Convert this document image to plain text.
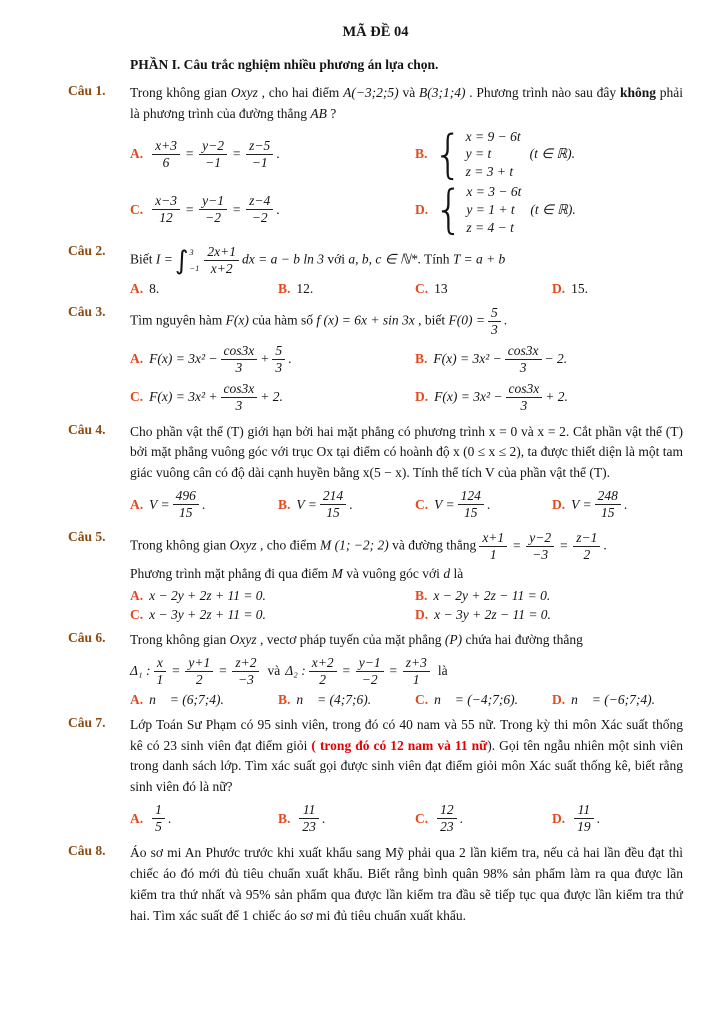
MÃ ĐỀ 04
PHẦN I. Câu trắc nghiệm nhiều phương án lựa chọn.
Câu 1.	Trong không gian Oxyz , cho hai điểm A(−3;2;5) và B(3;1;4) . Phương trình nào sau đây không phải là phương trình của đường thẳng AB ?
A. $\frac{x+3}{6} = \frac{y-2}{-1} = \frac{z-5}{-1}$ .	B. { x = 9 − 6t
y = t
z = 3 + t
(t ∈ ℝ).
C. $\frac{x-3}{12} = \frac{y-1}{-2} = \frac{z-4}{-2}$ .	D. { x = 3 − 6t
y = 1 + t
z = 4 − t
(t ∈ ℝ).
Câu 2.
Biết I = ∫ 3
$-1 \frac{2x+1}{x+2}$ dx = a − b ln 3 với a, b, c ∈ ℕ*. Tính T = a + b
A. 8.	B. 12.	C. 13	D. 15.
Câu 3.
Tìm nguyên hàm F(x) của hàm số f (x) = 6x + sin 3x , biết $F(0) = \frac{5}{3}$ .
A. $F(x) = 3x^2 - \frac{\cos 3x}{3} + \frac{5}{3}$ .	B. $F(x) = 3x^2 - \frac{\cos 3x}{3} - 2$.
C. $F(x) = 3x^2 + \frac{\cos 3x}{3} + 2$.	D. $F(x) = 3x^2 - \frac{\cos 3x}{3} + 2$.
Câu 4.	Cho phần vật thể (T) giới hạn bởi hai mặt phẳng có phương trình x = 0 và x = 2. Cắt phần vật thể (T) bởi mặt phẳng vuông góc với trục Ox tại điểm có hoành độ x (0 ≤ x ≤ 2), ta được thiết diện là một tam giác vuông cân có độ dài cạnh huyền bằng x(5 − x). Tính thể tích V của phần vật thể (T).
A. $V = \frac{496}{15}$ .	B. $V = \frac{214}{15}$ .	C. $V = \frac{124}{15}$ .	D. $V = \frac{248}{15}$ .
Câu 5.
Trong không gian Oxyz , cho điểm M (1; −2; 2) và đường thẳng $\frac{x+1}{1} = \frac{y-2}{-3} = \frac{z-1}{2}$ .
Phương trình mặt phẳng đi qua điểm M và vuông góc với d là
A. x − 2y + 2z + 11 = 0.	B. x − 2y + 2z − 11 = 0.
C. x − 3y + 2z + 11 = 0.	D. x − 3y + 2z − 11 = 0.
Câu 6.	Trong không gian Oxyz , vectơ pháp tuyến của mặt phẳng (P) chứa hai đường thẳng
Δ₁ : $\frac{x}{1} = \frac{y+1}{2} = \frac{z+2}{-3}$ và Δ₂ : $\frac{x+2}{2} = \frac{y-1}{-2} = \frac{z+3}{1}$ là
A. n⃗ = (6;7;4).	B. n⃗ = (4;7;6).	C. n⃗ = (−4;7;6).	D. n⃗ = (−6;7;4).
Câu 7.	Lớp Toán Sư Phạm có 95 sinh viên, trong đó có 40 nam và 55 nữ. Trong kỳ thi môn Xác suất thống kê có 23 sinh viên đạt điểm giỏi ( trong đó có 12 nam và 11 nữ). Gọi tên ngẫu nhiên một sinh viên trong danh sách lớp. Tìm xác suất gọi được sinh viên đạt điểm giỏi môn Xác suất thống kê, biết rằng sinh viên đó là nữ?
A. $\frac{1}{5}$ .	B. $\frac{11}{23}$ .	C. $\frac{12}{23}$ .	D. $\frac{11}{19}$ .
Câu 8.	Áo sơ mi An Phước trước khi xuất khẩu sang Mỹ phải qua 2 lần kiểm tra, nếu cả hai lần đều đạt thì chiếc áo đó mới đủ tiêu chuẩn xuất khẩu. Biết rằng bình quân 98% sản phẩm làm ra qua được lần kiểm tra thứ nhất và 95% sản phẩm qua được lần kiểm tra đầu sẽ tiếp tục qua được lần kiểm tra thứ hai. Tìm xác suất để 1 chiếc áo sơ mi đủ tiêu chuẩn xuất khẩu.
